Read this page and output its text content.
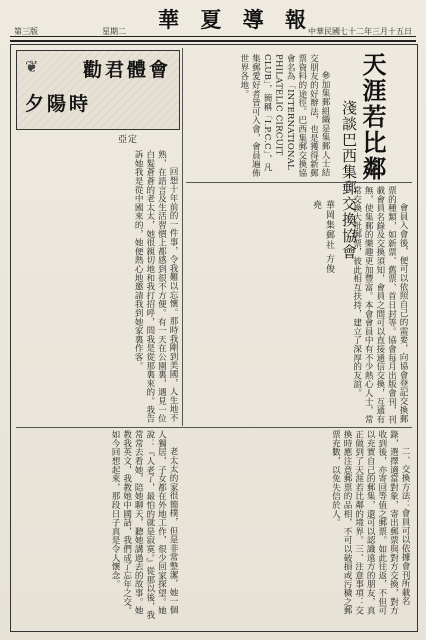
第三版	星期二 華 夏 導 報 中華民國七十二年三月十五日
天涯若比鄰
淺談巴西集郵交換協會
華岡集郵社 方俊堯

參加集郵組織是集郵人士結交朋友的好辦法，也是獲得新郵票資料的途徑。巴西集郵交換協會名為「INTERNATIONAL PHILATELIC CIRCUIT CLUB」，簡稱「I.P.C.C」，凡集郵愛好者皆可入會，會員遍佈世界各地。

會員入會後，便可以依照自己的需要，向協會登記交換郵票的種類，如新票、舊票、首日封等。協會每月出版會刊，刊載會員名錄及交換須知，會員之間可以直接通信交換，互通有無，使集郵的樂趣更加豐富。本會會員中有不少熱心人士，常常交換大批郵票，彼此相互扶持，建立了深厚的友誼。

二、交換方法：會員可以依據會刊所載名錄，選擇適當對象，寄出郵票與對方交換，對方收到後，亦寄回等值之郵票。如此往返，不但可以充實自己的郵集，還可以認識遠方的朋友，真正做到了天涯若比鄰的境界。三、注意事項：交換時應注意郵票的品相，不可以破損或污穢之郵票充數，以免失信於人。

❦ 勸君體會
夕陽時
亞定

回想十年前的一件事，令我難以忘懷。那時我剛到美國，人生地不熟，在語言及生活習慣上都感到很不方便。有一天在公園裏，遇見一位白髮蒼蒼的老太太，她很親切地和我打招呼，問我是從那裏來的。我告訴她我是從中國來的，她便熱心地邀請我到她家裏作客。

老太太的家很簡樸，但是非常整潔，她一個人獨居，子女都在外地工作，很少回家探望。她說：『人老了，最怕的就是寂寞。』從那以後，我常常去看她，陪她聊天，聽她講過去的故事。她教我英文，我教她中國話，我們成了忘年之交。如今回想起來，那段日子真是令人懷念。
